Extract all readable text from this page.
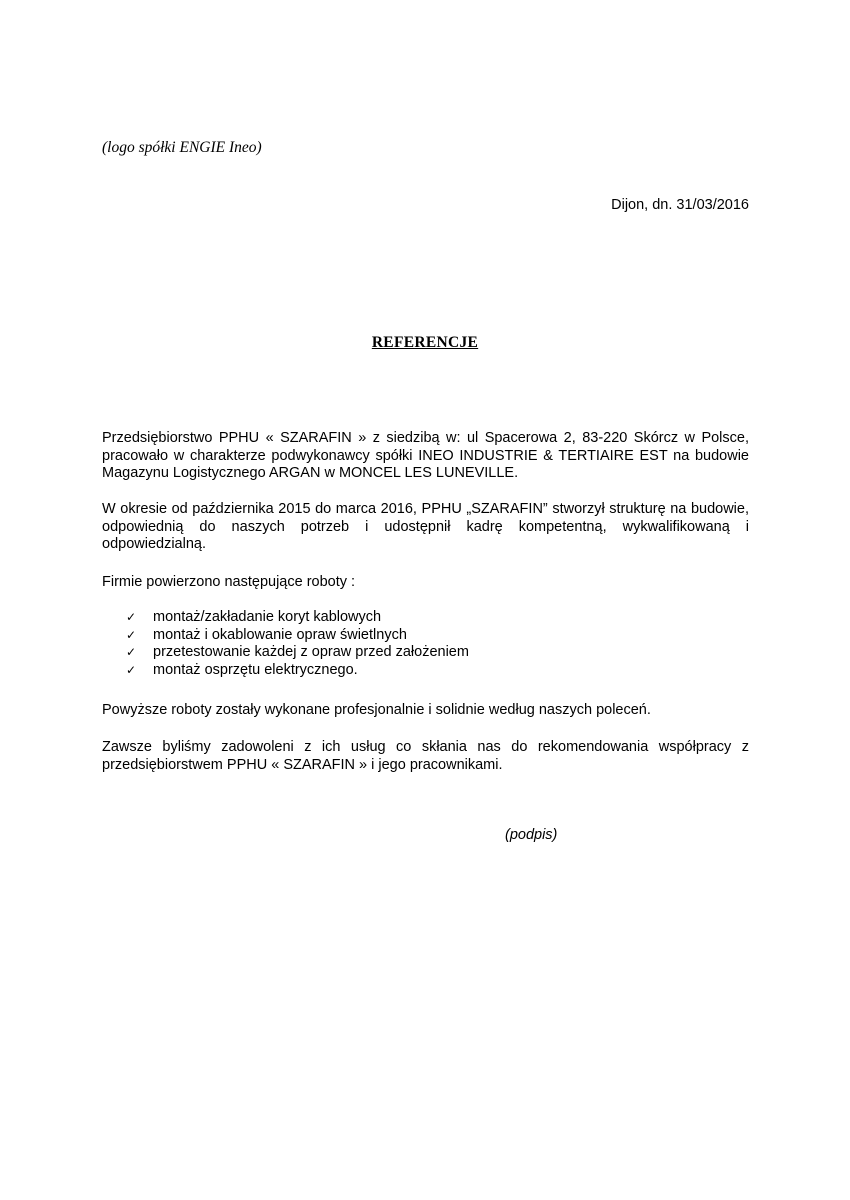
(logo spółki ENGIE Ineo)
Dijon, dn. 31/03/2016
REFERENCJE
Przedsiębiorstwo PPHU « SZARAFIN » z siedzibą w: ul Spacerowa 2, 83-220 Skórcz w Polsce, pracowało w charakterze podwykonawcy spółki INEO INDUSTRIE & TERTIAIRE EST na budowie Magazynu Logistycznego ARGAN w MONCEL LES LUNEVILLE.
W okresie od października 2015 do marca 2016, PPHU „SZARAFIN” stworzył strukturę na budowie, odpowiednią do naszych potrzeb i udostępnił kadrę kompetentną, wykwalifikowaną i odpowiedzialną.
Firmie powierzono następujące roboty :
✓	montaż/zakładanie koryt kablowych
✓	montaż i okablowanie opraw świetlnych
✓	przetestowanie każdej z opraw przed założeniem
✓	montaż osprzętu elektrycznego.
Powyższe roboty zostały wykonane profesjonalnie i solidnie według naszych poleceń.
Zawsze byliśmy zadowoleni z ich usług co skłania nas do rekomendowania współpracy z przedsiębiorstwem PPHU « SZARAFIN » i jego pracownikami.
(podpis)
